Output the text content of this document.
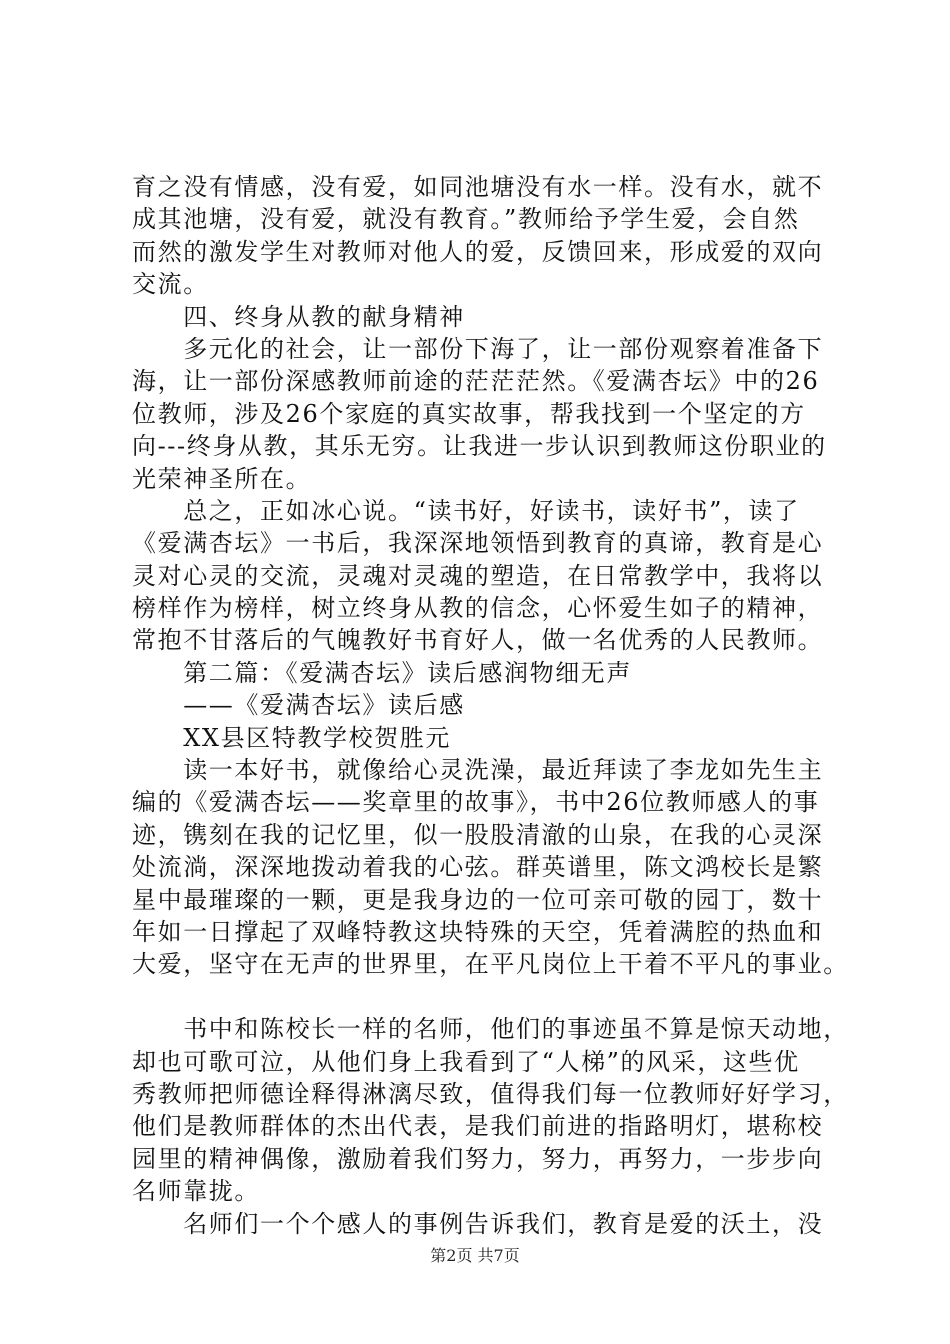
育之没有情感，没有爱，如同池塘没有水一样。没有水，就不
成其池塘，没有爱，就没有教育。”教师给予学生爱，会自然
而然的激发学生对教师对他人的爱，反馈回来，形成爱的双向
交流。
　　四、终身从教的献身精神
　　多元化的社会，让一部份下海了，让一部份观察着准备下
海，让一部份深感教师前途的茫茫茫然。《爱满杏坛》中的26
位教师，涉及26个家庭的真实故事，帮我找到一个坚定的方
向---终身从教，其乐无穷。让我进一步认识到教师这份职业的
光荣神圣所在。
　　总之，正如冰心说。“读书好，好读书，读好书”，读了
《爱满杏坛》一书后，我深深地领悟到教育的真谛，教育是心
灵对心灵的交流，灵魂对灵魂的塑造，在日常教学中，我将以
榜样作为榜样，树立终身从教的信念，心怀爱生如子的精神，
常抱不甘落后的气魄教好书育好人，做一名优秀的人民教师。
　　第二篇：《爱满杏坛》读后感润物细无声
　　——《爱满杏坛》读后感
　　XX县区特教学校贺胜元
　　读一本好书，就像给心灵洗澡，最近拜读了李龙如先生主
编的《爱满杏坛——奖章里的故事》，书中26位教师感人的事
迹，镌刻在我的记忆里，似一股股清澈的山泉，在我的心灵深
处流淌，深深地拨动着我的心弦。群英谱里，陈文鸿校长是繁
星中最璀璨的一颗，更是我身边的一位可亲可敬的园丁，数十
年如一日撑起了双峰特教这块特殊的天空，凭着满腔的热血和
大爱，坚守在无声的世界里，在平凡岗位上干着不平凡的事业。
　　书中和陈校长一样的名师，他们的事迹虽不算是惊天动地，
却也可歌可泣，从他们身上我看到了“人梯”的风采，这些优
秀教师把师德诠释得淋漓尽致，值得我们每一位教师好好学习，
他们是教师群体的杰出代表，是我们前进的指路明灯，堪称校
园里的精神偶像，激励着我们努力，努力，再努力，一步步向
名师靠拢。
　　名师们一个个感人的事例告诉我们，教育是爱的沃土，没
第2页 共7页
